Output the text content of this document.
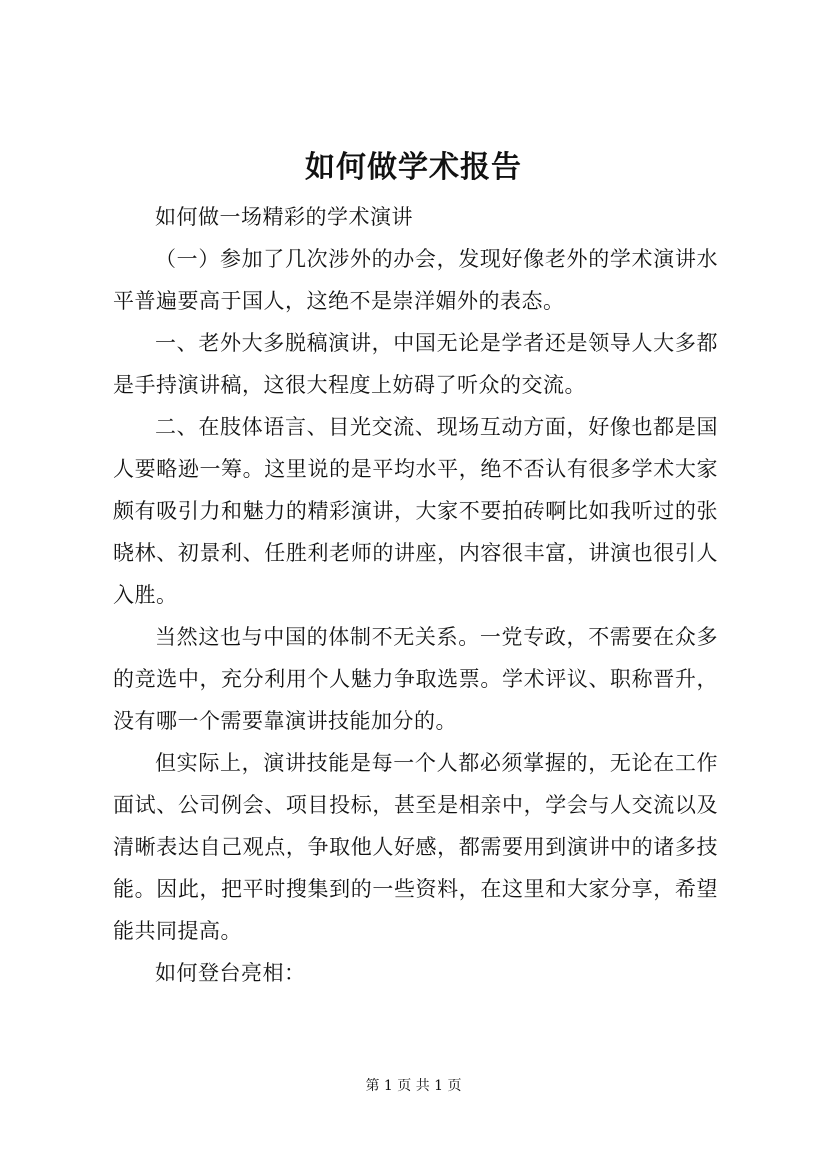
如何做学术报告

如何做一场精彩的学术演讲

（一）参加了几次涉外的办会，发现好像老外的学术演讲水平普遍要高于国人，这绝不是崇洋媚外的表态。

一、老外大多脱稿演讲，中国无论是学者还是领导人大多都是手持演讲稿，这很大程度上妨碍了听众的交流。

二、在肢体语言、目光交流、现场互动方面，好像也都是国人要略逊一筹。这里说的是平均水平，绝不否认有很多学术大家颇有吸引力和魅力的精彩演讲，大家不要拍砖啊比如我听过的张晓林、初景利、任胜利老师的讲座，内容很丰富，讲演也很引人入胜。

当然这也与中国的体制不无关系。一党专政，不需要在众多的竞选中，充分利用个人魅力争取选票。学术评议、职称晋升，没有哪一个需要靠演讲技能加分的。

但实际上，演讲技能是每一个人都必须掌握的，无论在工作面试、公司例会、项目投标，甚至是相亲中，学会与人交流以及清晰表达自己观点，争取他人好感，都需要用到演讲中的诸多技能。因此，把平时搜集到的一些资料，在这里和大家分享，希望能共同提高。

如何登台亮相：

第 1 页 共 1 页
